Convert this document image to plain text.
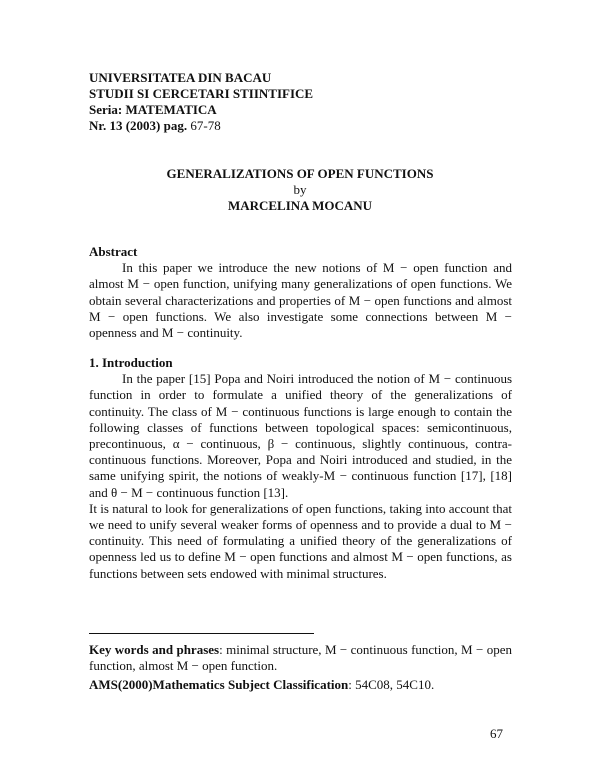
UNIVERSITATEA DIN BACAU
STUDII SI CERCETARI STIINTIFICE
Seria: MATEMATICA
Nr. 13 (2003) pag. 67-78
GENERALIZATIONS OF OPEN FUNCTIONS
by
MARCELINA MOCANU
Abstract
In this paper we introduce the new notions of M − open function and almost M − open function, unifying many generalizations of open functions. We obtain several characterizations and properties of M − open functions and almost M − open functions. We also investigate some connections between M − openness and M − continuity.
1. Introduction
In the paper [15] Popa and Noiri introduced the notion of M − continuous function in order to formulate a unified theory of the generalizations of continuity. The class of M − continuous functions is large enough to contain the following classes of functions between topological spaces: semicontinuous, precontinuous, α − continuous, β − continuous, slightly continuous, contra-continuous functions. Moreover, Popa and Noiri introduced and studied, in the same unifying spirit, the notions of weakly-M − continuous function [17], [18] and θ − M − continuous function [13].
It is natural to look for generalizations of open functions, taking into account that we need to unify several weaker forms of openness and to provide a dual to M − continuity. This need of formulating a unified theory of the generalizations of openness led us to define M − open functions and almost M − open functions, as functions between sets endowed with minimal structures.
Key words and phrases: minimal structure, M − continuous function, M − open function, almost M − open function.
AMS(2000)Mathematics Subject Classification: 54C08, 54C10.
67
